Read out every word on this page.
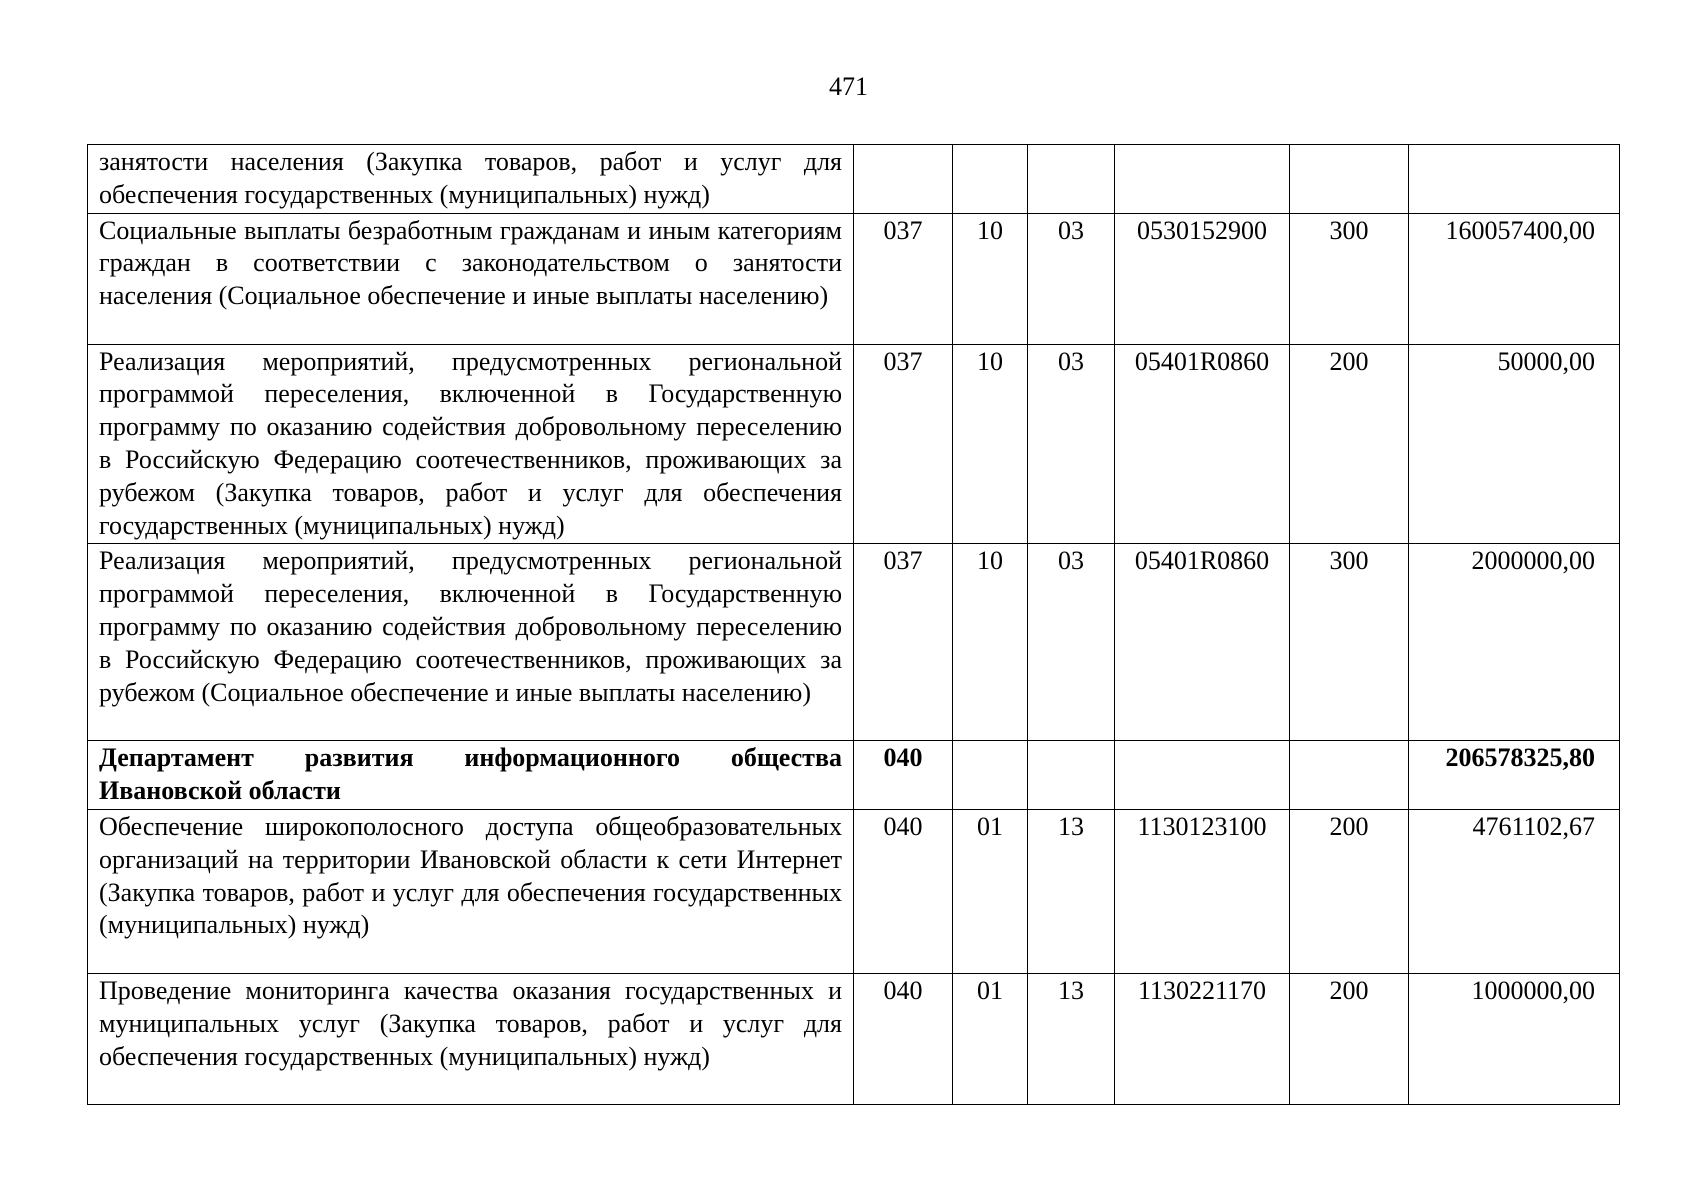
471
занятости населения (Закупка товаров, работ и услуг для обеспечения государственных (муниципальных) нужд)						
Социальные выплаты безработным гражданам и иным категориям граждан в соответствии с законодательством о занятости населения (Социальное обеспечение и иные выплаты населению)	037	10	03	0530152900	300	160057400,00
Реализация мероприятий, предусмотренных региональной программой переселения, включенной в Государственную программу по оказанию содействия добровольному переселению в Российскую Федерацию соотечественников, проживающих за рубежом (Закупка товаров, работ и услуг для обеспечения государственных (муниципальных) нужд)	037	10	03	05401R0860	200	50000,00
Реализация мероприятий, предусмотренных региональной программой переселения, включенной в Государственную программу по оказанию содействия добровольному переселению в Российскую Федерацию соотечественников, проживающих за рубежом (Социальное обеспечение и иные выплаты населению)	037	10	03	05401R0860	300	2000000,00
Департамент развития информационного общества Ивановской области	040					206578325,80
Обеспечение широкополосного доступа общеобразовательных организаций на территории Ивановской области к сети Интернет (Закупка товаров, работ и услуг для обеспечения государственных (муниципальных) нужд)	040	01	13	1130123100	200	4761102,67
Проведение мониторинга качества оказания государственных и муниципальных услуг (Закупка товаров, работ и услуг для обеспечения государственных (муниципальных) нужд)	040	01	13	1130221170	200	1000000,00
